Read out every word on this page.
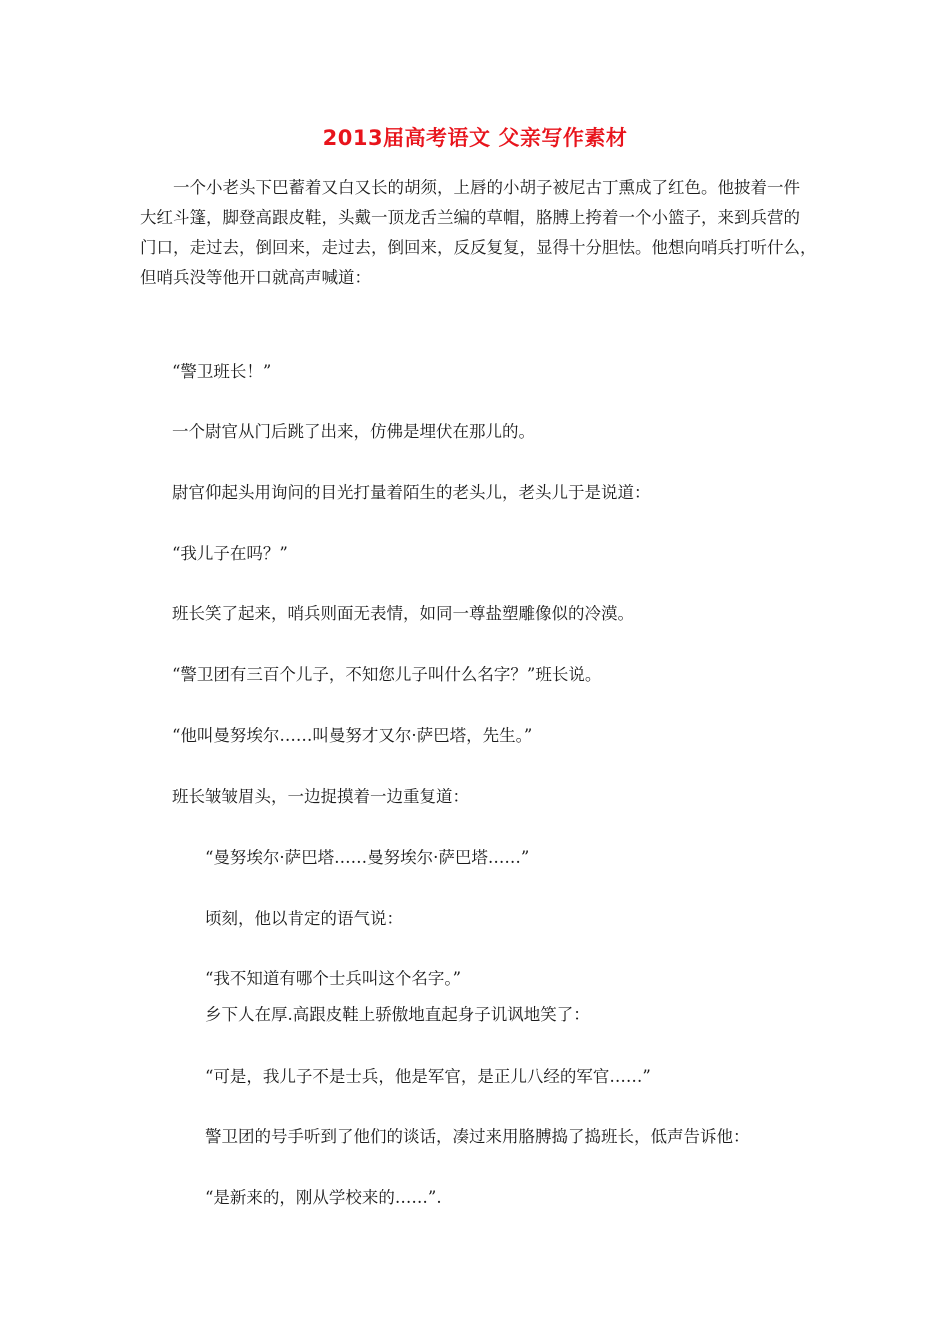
2013届高考语文 父亲写作素材
一个小老头下巴蓄着又白又长的胡须，上唇的小胡子被尼古丁熏成了红色。他披着一件
大红斗篷，脚登高跟皮鞋，头戴一顶龙舌兰编的草帽，胳膊上挎着一个小篮子，来到兵营的
门口，走过去，倒回来，走过去，倒回来，反反复复，显得十分胆怯。他想向哨兵打听什么，
但哨兵没等他开口就高声喊道：
“警卫班长！”
一个尉官从门后跳了出来，仿佛是埋伏在那儿的。
尉官仰起头用询问的目光打量着陌生的老头儿，老头儿于是说道：
“我儿子在吗？”
班长笑了起来，哨兵则面无表情，如同一尊盐塑雕像似的冷漠。
“警卫团有三百个儿子，不知您儿子叫什么名字？”班长说。
“他叫曼努埃尔……叫曼努才又尔·萨巴塔，先生。”
班长皱皱眉头，一边捉摸着一边重复道：
“曼努埃尔·萨巴塔……曼努埃尔·萨巴塔……”
顷刻，他以肯定的语气说：
“我不知道有哪个士兵叫这个名字。”
乡下人在厚.高跟皮鞋上骄傲地直起身子讥讽地笑了：
“可是，我儿子不是士兵，他是军官，是正儿八经的军官……”
警卫团的号手听到了他们的谈话，凑过来用胳膊捣了捣班长，低声告诉他：
“是新来的，刚从学校来的……”.
